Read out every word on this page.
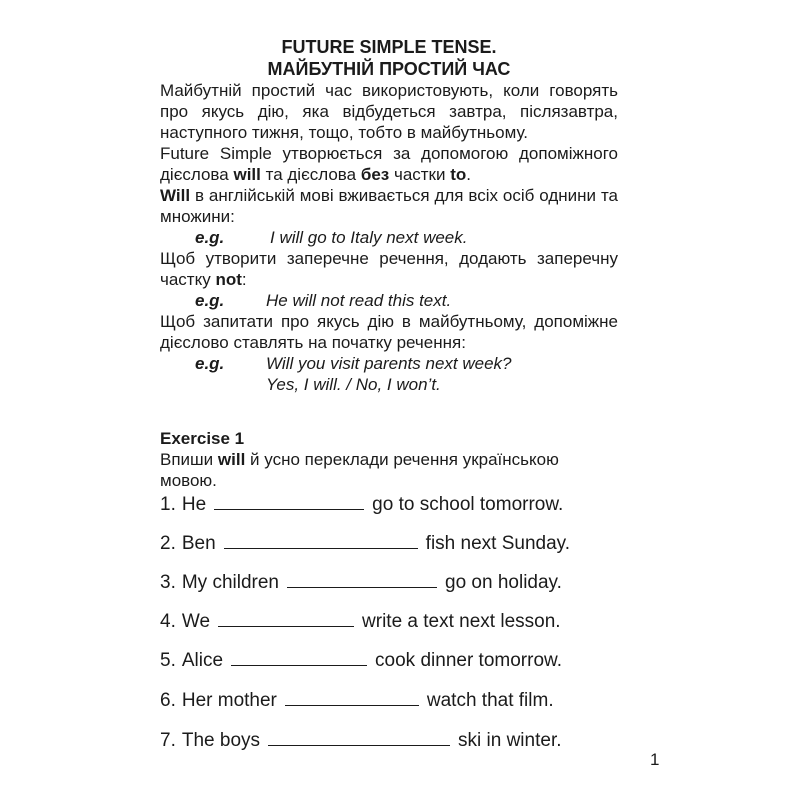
FUTURE SIMPLE TENSE.
МАЙБУТНІЙ ПРОСТИЙ ЧАС

Майбутній простий час використовують, коли говорять про якусь дію, яка відбудеться завтра, післязавтра, наступного тижня, тощо, тобто в майбутньому.

Future Simple утворюється за допомогою допоміжного дієслова will та дієслова без частки to.

Will в англійській мові вживається для всіх осіб однини та множини:

e.g.	I will go to Italy next week.

Щоб утворити заперечне речення, додають заперечну частку not:

e.g. He will not read this text.

Щоб запитати про якусь дію в майбутньому, допоміжне дієслово ставлять на початку речення:

e.g. Will you visit parents next week?
Yes, I will. / No, I won’t.
Exercise 1

Впиши will й усно переклади речення українською мовою.

1. He	go to school tomorrow.
2. Ben	fish next Sunday.
3. My children	go on holiday.
4. We	write a text next lesson.
5. Alice	cook dinner tomorrow.
6. Her mother	watch that film.
7. The boys	ski in winter.
1
